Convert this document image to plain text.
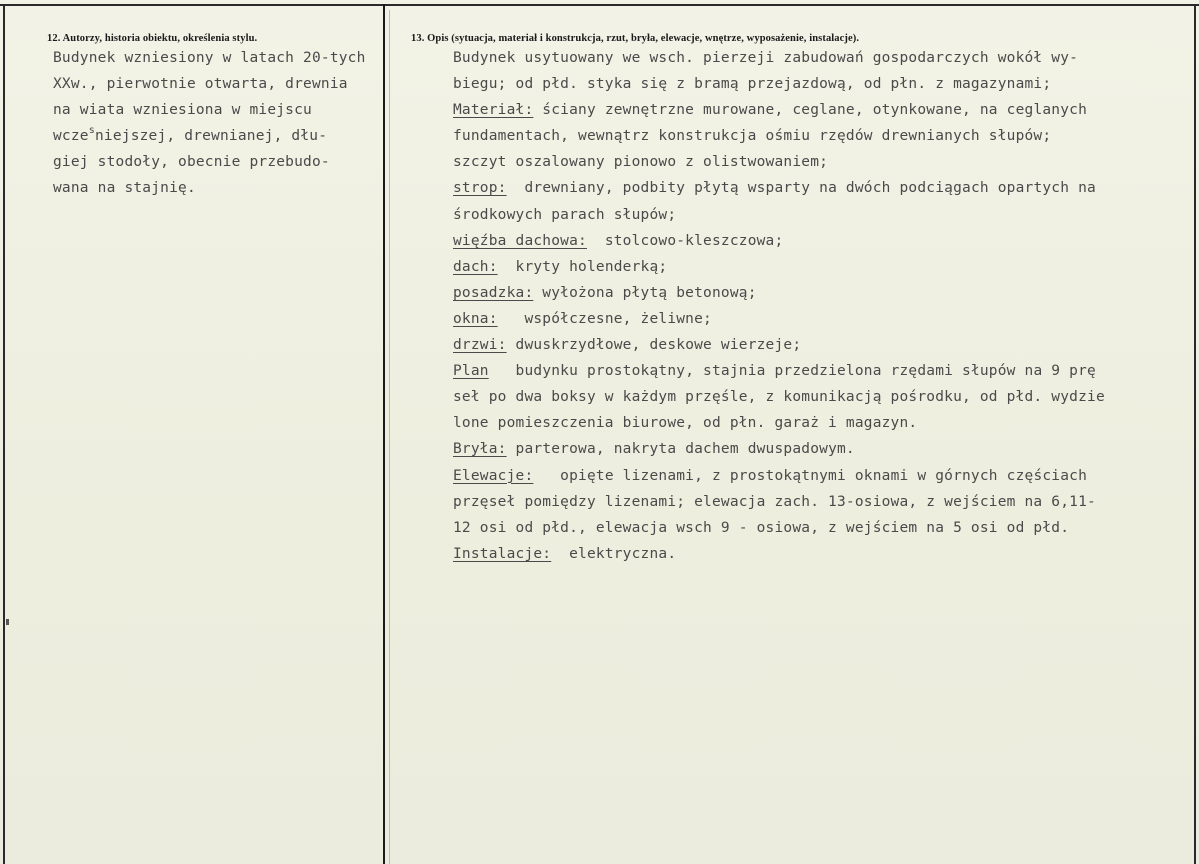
12. Autorzy, historia obiektu, określenia stylu.	13. Opis (sytuacja, materiał i konstrukcja, rzut, bryła, elewacje, wnętrze, wyposażenie, instalacje).
Budynek wzniesiony w latach 20-tych
XXw., pierwotnie otwarta, drewnia
na wiata wzniesiona w miejscu
wcze$^s$niejszej, drewnianej, dłu-
giej stodoły, obecnie przebudo-
wana na stajnię.
Budynek usytuowany we wsch. pierzeji zabudowań gospodarczych wokół wy-
biegu; od płd. styka się z bramą przejazdową, od płn. z magazynami;
Materiał: ściany zewnętrzne murowane, ceglane, otynkowane, na ceglanych
fundamentach, wewnątrz konstrukcja ośmiu rzędów drewnianych słupów;
szczyt oszalowany pionowo z olistwowaniem;
strop:  drewniany, podbity płytą wsparty na dwóch podciągach opartych na
środkowych parach słupów;
więźba dachowa:  stolcowo-kleszczowa;
dach:  kryty holenderką;
posadzka: wyłożona płytą betonową;
okna:   współczesne, żeliwne;
drzwi: dwuskrzydłowe, deskowe wierzeje;
Plan   budynku prostokątny, stajnia przedzielona rzędami słupów na 9 prę
seł po dwa boksy w każdym przęśle, z komunikacją pośrodku, od płd. wydzie
lone pomieszczenia biurowe, od płn. garaż i magazyn.
Bryła: parterowa, nakryta dachem dwuspadowym.
Elewacje:   opięte lizenami, z prostokątnymi oknami w górnych częściach
przęseł pomiędzy lizenami; elewacja zach. 13-osiowa, z wejściem na 6,11-
12 osi od płd., elewacja wsch 9 - osiowa, z wejściem na 5 osi od płd.
Instalacje:  elektryczna.
